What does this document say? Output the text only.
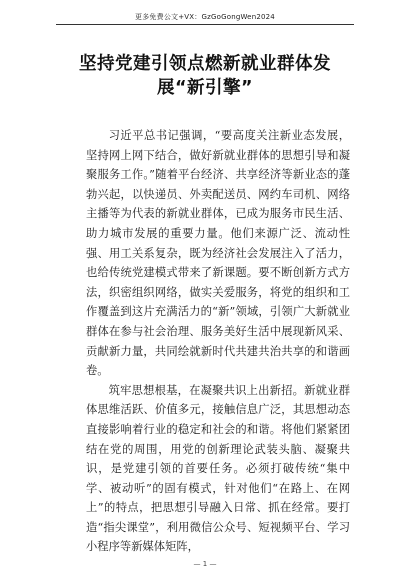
更多免费公文+VX：GzGoGongWen2024
坚持党建引领点燃新就业群体发展“新引擎”

习近平总书记强调，“要高度关注新业态发展，坚持网上网下结合，做好新就业群体的思想引导和凝聚服务工作。”随着平台经济、共享经济等新业态的蓬勃兴起，以快递员、外卖配送员、网约车司机、网络主播等为代表的新就业群体，已成为服务市民生活、助力城市发展的重要力量。他们来源广泛、流动性强、用工关系复杂，既为经济社会发展注入了活力，也给传统党建模式带来了新课题。要不断创新方式方法，织密组织网络，做实关爱服务，将党的组织和工作覆盖到这片充满活力的“新”领域，引领广大新就业群体在参与社会治理、服务美好生活中展现新风采、贡献新力量，共同绘就新时代共建共治共享的和谐画卷。

筑牢思想根基，在凝聚共识上出新招。新就业群体思维活跃、价值多元，接触信息广泛，其思想动态直接影响着行业的稳定和社会的和谐。将他们紧紧团结在党的周围，用党的创新理论武装头脑、凝聚共识，是党建引领的首要任务。必须打破传统“集中学、被动听”的固有模式，针对他们“在路上、在网上”的特点，把思想引导融入日常、抓在经常。要打造“指尖课堂”，利用微信公众号、短视频平台、学习小程序等新媒体矩阵，

— 1 —
